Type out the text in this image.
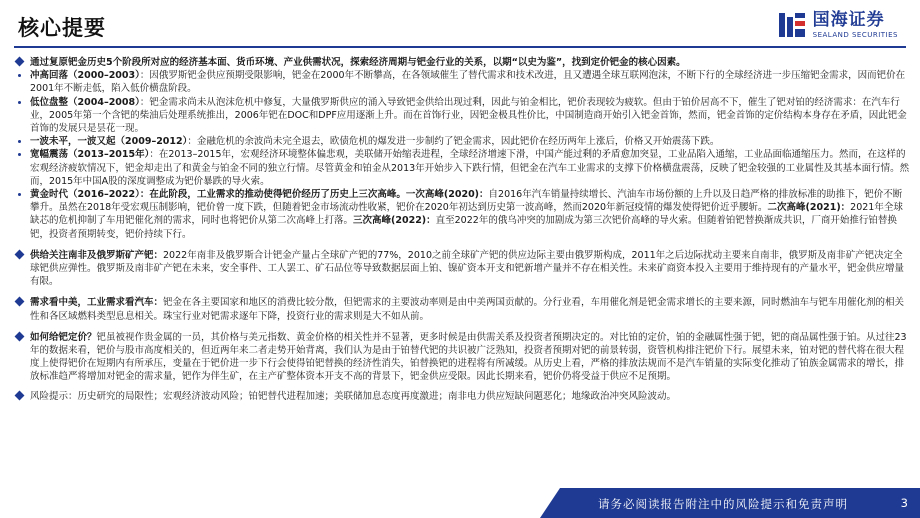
核心提要	国海证券
SEALAND SECURITIES
通过复原钯金历史5个阶段所对应的经济基本面、货币环境、产业供需状况，探索经济周期与钯金行业的关系，以期“以史为鉴”，找到定价钯金的核心因素。
冲高回落（2000–2003）：因俄罗斯钯金供应预期受限影响，钯金在2000年不断攀高，在各领域催生了替代需求和技术改进，且又遭遇全球互联网泡沫，不断下行的全球经济进一步压缩钯金需求，因而钯价在2001年不断走低，陷入低价横盘阶段。
低位盘整（2004–2008）：钯金需求尚未从泡沫危机中修复，大量俄罗斯供应的涌入导致钯金供给出现过剩，因此与铂金相比，钯价表现较为疲软。但由于铂价居高不下，催生了钯对铂的经济需求：在汽车行业，2005年第一个含钯的柴油后处理系统推出，2006年钯在DOC和DPF应用逐渐上升。而在首饰行业，因钯金极具性价比，中国制造商开始引入钯金首饰，然而，钯金首饰的定价结构本身存在矛盾，因此钯金首饰的发展只是昙花一现。
一波未平，一波又起（2009–2012）：金融危机的余波尚未完全退去，欧债危机的爆发进一步制约了钯金需求，因此钯价在经历两年上涨后，价格又开始震荡下跌。
宽幅震荡（2013–2015年）：在2013–2015年，宏观经济环境整体偏悲观，美联储开始缩表进程，全球经济增速下滑，中国产能过剩的矛盾愈加突显，工业品陷入通缩，工业品面临通缩压力。然而，在这样的宏观经济疲软情况下，钯金却走出了和黄金与铂金不同的独立行情。尽管黄金和铂金从2013年开始步入下跌行情，但钯金在汽车工业需求的支撑下价格横盘震荡，反映了钯金较强的工业属性及其基本面行情。然而，2015年中国A股的深度调整成为钯价暴跌的导火索。
黄金时代（2016–2022）：在此阶段，工业需求的推动使得钯价经历了历史上三次高峰。一次高峰(2020)：自2016年汽车销量持续增长、汽油车市场份额的上升以及日趋严格的排放标准的助推下，钯价不断攀升。虽然在2018年受宏观压制影响，钯价曾一度下跌，但随着钯金市场流动性收紧，钯价在2020年初达到历史第一波高峰，然而2020年新冠疫情的爆发使得钯价近乎腰斩。二次高峰(2021)：2021年全球缺芯的危机抑制了车用钯催化剂的需求，同时也将钯价从第二次高峰上打落。三次高峰(2022)：直至2022年的俄乌冲突的加剧成为第三次钯价高峰的导火索。但随着铂钯替换渐成共识，厂商开始推行铂替换钯，投资者预期转变，钯价持续下行。
供给关注南非及俄罗斯矿产钯：2022年南非及俄罗斯合计钯金产量占全球矿产钯的77%，2010之前全球矿产钯的供应边际主要由俄罗斯构成，2011年之后边际扰动主要来自南非，俄罗斯及南非矿产钯决定全球钯供应弹性。俄罗斯及南非矿产钯在未来，安全事件、工人罢工、矿石品位等导致数据层面上铂、镍矿资本开支和钯新增产量并不存在相关性。未来矿商资本投入主要用于维持现有的产量水平，钯金供应增量有限。
需求看中美，工业需求看汽车：钯金在各主要国家和地区的消费比较分散，但钯需求的主要波动率则是由中美两国贡献的。分行业看，车用催化剂是钯金需求增长的主要来源，同时燃油车与钯车用催化剂的相关性和各区域燃料类型息息相关。珠宝行业对钯需求逐年下降，投资行业的需求则是大不如从前。
如何给钯定价？钯虽被视作贵金属的一员，其价格与美元指数、黄金价格的相关性并不显著，更多时候是由供需关系及投资者预期决定的。对比铂的定价，铂的金融属性强于钯，钯的商品属性强于铂。从过往23年的数据来看，钯价与股市高度相关的，但近两年来二者走势开始背离，我们认为是由于铂替代钯的共识被广泛熟知，投资者预期对钯的前景转弱，资管机构排注钯价下行。展望未来，铂对钯的替代将在很大程度上使得钯价在短期内有所承压，变量在于钯价进一步下行会使得铂钯替换的经济性消失，铂替换钯的进程将有所减缓。从历史上看，严格的排放法规而不是汽车销量的实际变化推动了铂族金属需求的增长，排放标准趋严将增加对钯金的需求量，钯作为伴生矿，在主产矿整体资本开支不高的背景下，钯金供应受限。因此长期来看，钯价仍将受益于供应不足预期。
风险提示：历史研究的局限性；宏观经济波动风险；铂钯替代进程加速；美联储加息态度再度激进；南非电力供应短缺问题恶化；地缘政治冲突风险波动。
请务必阅读报告附注中的风险提示和免责声明	3
